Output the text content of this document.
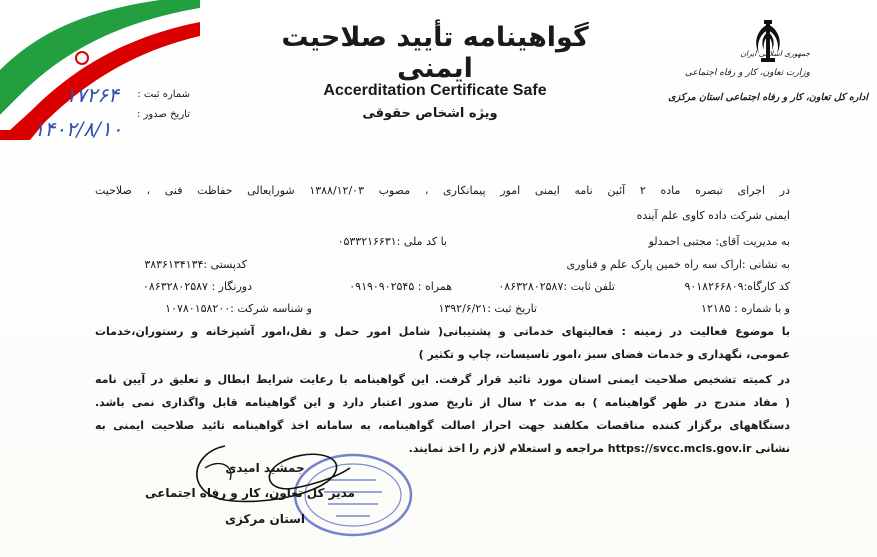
گواهینامه تأیید صلاحیت ایمنی
Accerditation Certificate Safe
ویژه اشخاص حقوقی
جمهوری اسلامی ایران
وزارت تعاون، کار و رفاه اجتماعی
اداره کل تعاون، کار و رفاه اجتماعی استان مرکزی
شماره ثبت :
تاریخ صدور :
۱۷۲۶۴
۱۴۰۲/۸/۱۰
در اجرای تبصره ماده ۲ آئین نامه ایمنی امور پیمانکاری ، مصوب ۱۳۸۸/۱۲/۰۳ شورایعالی حفاظت فنی ، صلاحیت
ایمنی شرکت داده کاوی علم آینده
به مدیریت آقای: مجتبی احمدلو
با کد ملی :۰۵۳۳۲۱۶۶۳۱
به نشانی :اراک سه راه خمین پارک علم و فناوری
کدپستی :۳۸۳۶۱۳۴۱۳۴
کد کارگاه:۹۰۱۸۲۶۶۸۰۹
تلفن ثابت :۰۸۶۳۲۸۰۲۵۸۷
همراه : ۰۹۱۹۰۹۰۲۵۴۵
دورنگار : ۰۸۶۳۲۸۰۲۵۸۷
و با شماره : ۱۲۱۸۵
تاریخ ثبت :۱۳۹۲/۶/۲۱
و شناسه شرکت :۱۰۷۸۰۱۵۸۲۰۰
با موضوع فعالیت در زمینه : فعالیتهای خدماتی و پشتیبانی( شامل امور حمل و نقل،امور آشپزخانه و رستوران،خدمات
عمومی، نگهداری و خدمات فضای سبز ،امور تاسیسات، چاپ و تکثیر )
در کمیته تشخیص صلاحیت ایمنی استان مورد تائید قرار گرفت. این گواهینامه با رعایت شرایط ابطال و تعلیق در آیین نامه
( مفاد مندرج در ظهر گواهینامه ) به مدت ۲ سال از تاریخ صدور اعتبار دارد و این گواهینامه قابل واگذاری نمی باشد.
دستگاههای برگزار کننده مناقصات مکلفند جهت احراز اصالت گواهینامه، به سامانه اخذ گواهینامه تائید صلاحیت ایمنی به
نشانی https://svcc.mcls.gov.ir مراجعه و استعلام لازم را اخذ نمایند.
جمشید امیدی
مدیر کل تعاون، کار و رفاه اجتماعی
استان مرکزی
